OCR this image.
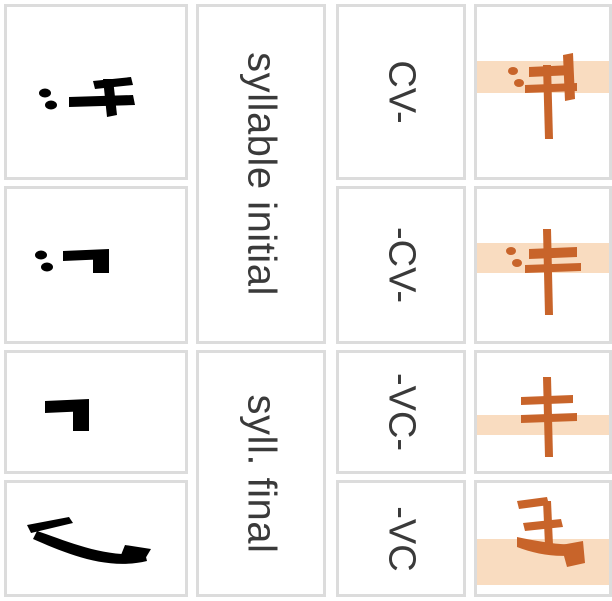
syllable initial
syll. final
CV-
-CV-
-VC-
-VC
